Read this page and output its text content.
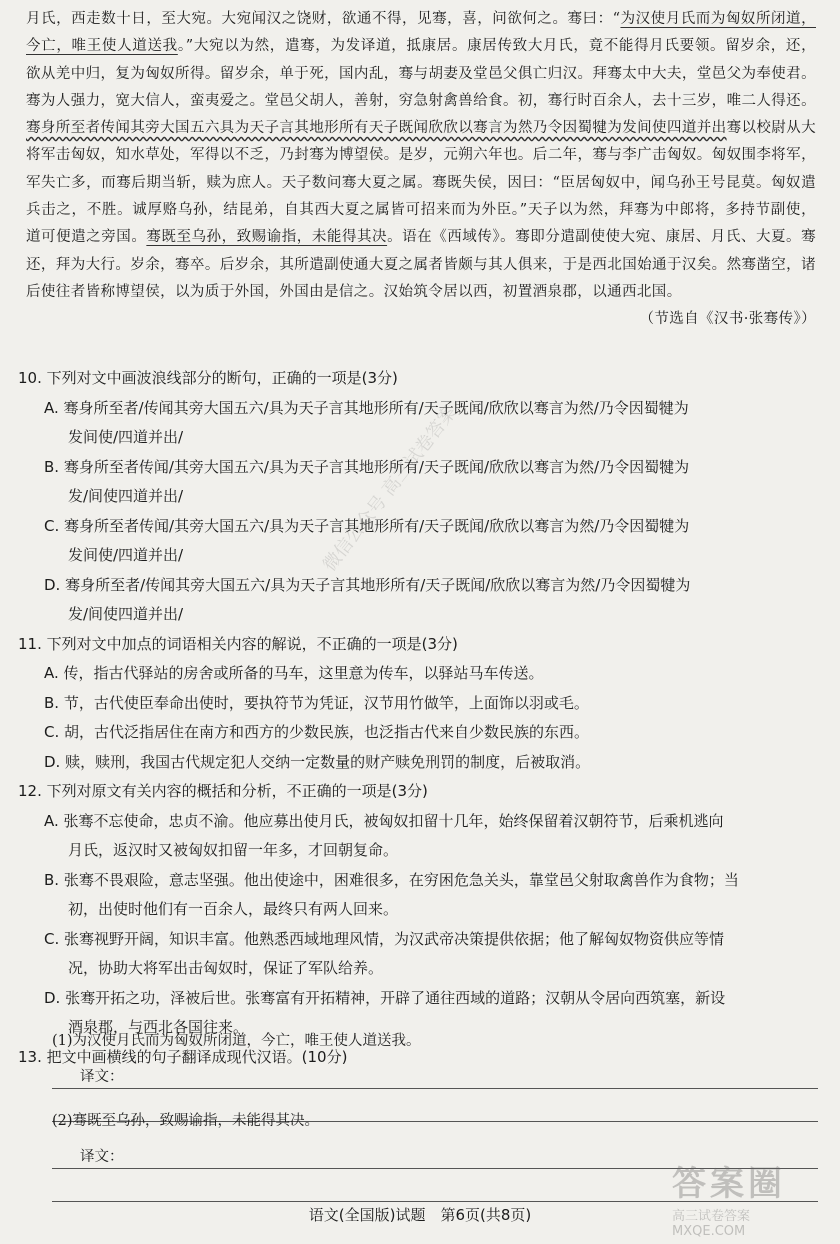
月氏，西走数十日，至大宛。大宛闻汉之饶财，欲通不得，见骞，喜，问欲何之。骞曰：“为汉使月氏而为匈奴所闭道，今亡，唯王使人道送我。”大宛以为然，遣骞，为发译道，抵康居。康居传致大月氏，竟不能得月氏要领。留岁余，还，欲从羌中归，复为匈奴所得。留岁余，单于死，国内乱，骞与胡妻及堂邑父俱亡归汉。拜骞太中大夫，堂邑父为奉使君。骞为人强力，宽大信人，蛮夷爱之。堂邑父胡人，善射，穷急射禽兽给食。初，骞行时百余人，去十三岁，唯二人得还。骞身所至者传闻其旁大国五六具为天子言其地形所有天子既闻欣欣以骞言为然乃令因蜀犍为发间使四道并出骞以校尉从大将军击匈奴，知水草处，军得以不乏，乃封骞为博望侯。是岁，元朔六年也。后二年，骞与李广击匈奴。匈奴围李将军，军失亡多，而骞后期当斩，赎为庶人。天子数问骞大夏之属。骞既失侯，因曰：“臣居匈奴中，闻乌孙王号昆莫。匈奴遣兵击之，不胜。诚厚赂乌孙，结昆弟，自其西大夏之属皆可招来而为外臣。”天子以为然，拜骞为中郎将，多持节副使，道可便遣之旁国。骞既至乌孙，致赐谕指，未能得其决。语在《西域传》。骞即分遣副使使大宛、康居、月氏、大夏。骞还，拜为大行。岁余，骞卒。后岁余，其所遣副使通大夏之属者皆颇与其人俱来，于是西北国始通于汉矣。然骞凿空，诸后使往者皆称博望侯，以为质于外国，外国由是信之。汉始筑令居以西，初置酒泉郡，以通西北国。

（节选自《汉书·张骞传》）

10. 下列对文中画波浪线部分的断句，正确的一项是(3分)

A. 骞身所至者/传闻其旁大国五六/具为天子言其地形所有/天子既闻/欣欣以骞言为然/乃令因蜀犍为
发间使/四道并出/
B. 骞身所至者传闻/其旁大国五六/具为天子言其地形所有/天子既闻/欣欣以骞言为然/乃令因蜀犍为
发/间使四道并出/
C. 骞身所至者传闻/其旁大国五六/具为天子言其地形所有/天子既闻/欣欣以骞言为然/乃令因蜀犍为
发间使/四道并出/
D. 骞身所至者/传闻其旁大国五六/具为天子言其地形所有/天子既闻/欣欣以骞言为然/乃令因蜀犍为
发/间使四道并出/

11. 下列对文中加点的词语相关内容的解说，不正确的一项是(3分)

A. 传，指古代驿站的房舍或所备的马车，这里意为传车，以驿站马车传送。
B. 节，古代使臣奉命出使时，要执符节为凭证，汉节用竹做竿，上面饰以羽或毛。
C. 胡，古代泛指居住在南方和西方的少数民族，也泛指古代来自少数民族的东西。
D. 赎，赎刑，我国古代规定犯人交纳一定数量的财产赎免刑罚的制度，后被取消。

12. 下列对原文有关内容的概括和分析，不正确的一项是(3分)

A. 张骞不忘使命，忠贞不渝。他应募出使月氏，被匈奴扣留十几年，始终保留着汉朝符节，后乘机逃向
月氏，返汉时又被匈奴扣留一年多，才回朝复命。
B. 张骞不畏艰险，意志坚强。他出使途中，困难很多，在穷困危急关头，靠堂邑父射取禽兽作为食物；当
初，出使时他们有一百余人，最终只有两人回来。
C. 张骞视野开阔，知识丰富。他熟悉西域地理风情，为汉武帝决策提供依据；他了解匈奴物资供应等情
况，协助大将军出击匈奴时，保证了军队给养。
D. 张骞开拓之功，泽被后世。张骞富有开拓精神，开辟了通往西域的道路；汉朝从令居向西筑塞，新设
酒泉郡，与西北各国往来。

13. 把文中画横线的句子翻译成现代汉语。(10分)

(1)为汉使月氏而为匈奴所闭道，今亡，唯王使人道送我。
译文：
(2)骞既至乌孙，致赐谕指，未能得其决。
译文：
语文(全国版)试题　第6页(共8页)
微信公众号 高三试卷答案
答案圈
高三试卷答案 MXQE.COM
